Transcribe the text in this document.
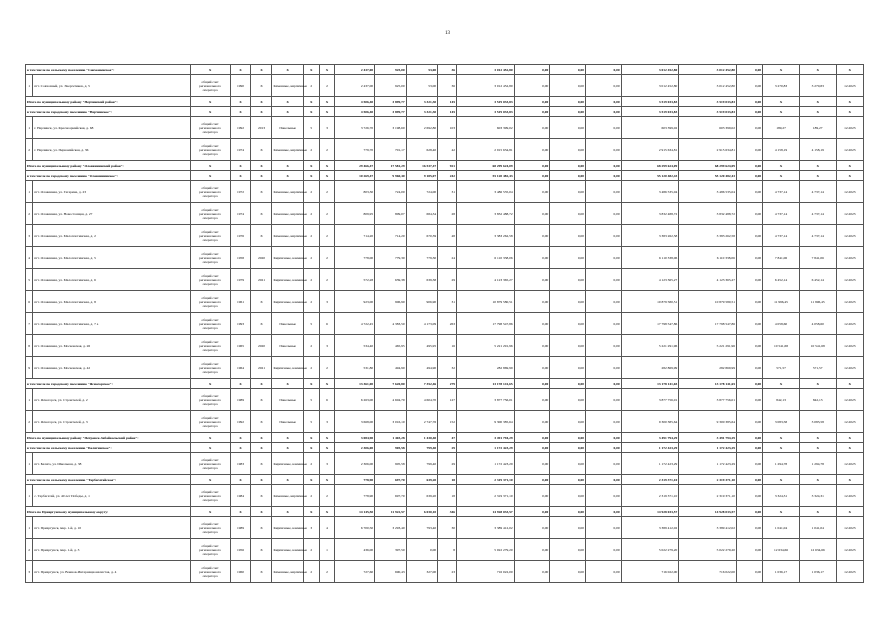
13
в том числе по сельскому поселению "Совхозненское":		X	X	X	X	X	X	2 437,00	925,00	53,00	36	3 012 452,80	0,00	0,00	0,00	3 012 452,80	3 012 452,80	0,00	X	X	X
1	пгт. Совхозный, ул. Энергетиков, д. 5	общий счет регионального оператора	1990	X	Каменные, кирпичные	2	2	2 437,00	925,00	53,00	36	3 012 452,80	0,00	0,00	0,00	3 012 452,80	3 012 452,80	0,00	3 270,83	3 270,83	12.2023
Итого по муниципальному району "Нерчинский район":		X	X	X	X	X	X	4 506,40	3 899,77	3 321,30	145	3 519 033,83	0,00	0,00	0,00	3 519 033,83	3 519 033,83	0,00	X	X	X
в том числе по городскому поселению "Нерчинское":		X	X	X	X	X	X	4 506,40	3 899,77	3 321,30	145	3 519 033,83	0,00	0,00	0,00	3 519 033,83	3 519 033,83	0,00	X	X	X
1	г. Нерчинск, ул. Красноармейская, д. 68	общий счет регионального оператора	1992	2013	Панельные	5	3	3 726,70	3 198,60	2 692,80	103	603 399,02	0,00	0,00	0,00	603 399,02	603 399,02	0,00	189,27	189,27	12.2023
2	г. Нерчинск, ул. Первомайская, д. 36	общий счет регионального оператора	1974	X	Каменные, кирпичные	2	2	779,70	701,17	628,40	42	2 915 634,81	0,00	0,00	0,00	2 915 634,81	2 915 634,81	0,00	4 158,19	4 158,19	12.2023
Итого по муниципальному району "Оловяннинский район":		X	X	X	X	X	X	29 466,47	17 581,29	16 537,47	921	68 299 624,09	0,00	0,00	0,00	68 299 624,09	68 299 624,09	0,00	X	X	X
в том числе по городскому поселению "Оловяннинское":		X	X	X	X	X	X	10 269,47	9 960,40	9 185,07	242	55 120 482,43	0,00	0,00	0,00	55 120 482,43	55 120 482,43	0,00	X	X	X
1	пгт. Оловянная, ул. Гагарина, д. 23	общий счет регионального оператора	1972	X	Каменные, кирпичные	2	2	803,30	724,00	724,00	31	3 486 535,04	0,00	0,00	0,00	3 486 535,04	3 486 535,04	0,00	4 737,14	4 737,14	12.2023
2	пгт. Оловянная, ул. Новостоящая, д. 27	общий счет регионального оператора	1974	X	Каменные, кирпичные	2	2	809,95	809,07	684,34	28	3 832 488,72	0,00	0,00	0,00	3 832 488,72	3 832 488,72	0,00	4 737,14	4 737,14	12.2023
3	пгт. Оловянная, ул. Малоплотинская, д. 2	общий счет регионального оператора	1976	X	Каменные, кирпичные	2	2	714,20	714,20	670,39	48	3 383 262,58	0,00	0,00	0,00	3 383 262,58	3 383 262,58	0,00	4 737,14	4 737,14	12.2023
4	пгт. Оловянная, ул. Малоплотинская, д. 5	общий счет регионального оператора	1958	2020	Кирпичные, каменные	2	2	778,00	779,30	779,30	24	6 110 338,06	0,00	0,00	0,00	6 110 338,06	6 110 338,06	0,00	7 841,06	7 841,06	12.2023
5	пгт. Оловянная, ул. Малоплотинская, д. 6	общий счет регионального оператора	1979	2021	Кирпичные, каменные	2	2	572,28	639,38	639,38	29	4 123 365,27	0,00	0,00	0,00	4 123 365,27	4 123 365,27	0,00	6 452,14	6 452,14	12.2023
6	пгт. Оловянная, ул. Малоплотинская, д. 8	общий счет регионального оператора	1961	X	Кирпичные, каменные	2	3	923,00	906,90	906,90	31	10 879 580,51	0,00	0,00	0,00	10 879 580,51	10 879 580,51	0,00	11 996,45	11 996,45	12.2023
7	пгт. Оловянная, ул. Малоплотинская, д. 7 а	общий счет регионального оператора	1993	X	Панельные	5	6	4 722,45	4 383,50	4 173,09	263	17 798 547,86	0,00	0,00	0,00	17 798 547,86	17 798 547,86	0,00	4 058,60	4 058,60	12.2023
8	пгт. Оловянная, ул. Московская, д. 26	общий счет регионального оператора	1965	2020	Панельные	2	3	534,40	465,95	495,95	16	5 221 291,96	0,00	0,00	0,00	5 221 291,96	5 221 291,96	0,00	10 541,68	10 541,68	12.2023
9	пгт. Оловянная, ул. Московская, д. 42	общий счет регионального оператора	1964	2021	Кирпичные, каменные	2	2	531,80	494,90	494,90	32	282 869,99	0,00	0,00	0,00	282 869,99	282 869,99	0,00	571,57	571,57	12.2023
в том числе по городскому поселению "Ясногорское":		X	X	X	X	X	X	13 361,00	7 620,80	7 352,46	279	13 178 141,65	0,00	0,00	0,00	13 178 141,65	13 178 141,65	0,00	X	X	X
1	пгт. Ясногорск, ул. Строителей, д. 2	общий счет регионального оператора	1989	X	Панельные	5	6	6 263,00	4 604,70	4 604,70	127	3 877 756,01	0,00	0,00	0,00	3 877 756,01	3 877 756,01	0,00	842,13	842,13	12.2023
2	пгт. Ясногорск, ул. Строителей, д. 3	общий счет регионального оператора	1992	X	Панельные	5	3	3 668,00	3 016,10	2 747,76	152	9 300 385,64	0,00	0,00	0,00	9 300 385,64	9 300 385,64	0,00	3 083,58	3 083,58	12.2023
Итого по муниципальному району "Петровск-Забайкальский район":		X	X	X	X	X	X	3 084,90	1 403,28	1 430,40	47	3 491 794,29	0,00	0,00	0,00	3 491 794,29	3 491 794,29	0,00	X	X	X
в том числе по сельскому поселению "Балягинское":		X	X	X	X	X	X	2 306,00	905,58	799,40	29	1 172 423,29	0,00	0,00	0,00	1 172 423,29	1 172 423,29	0,00	X	X	X
1	пгт. Балягa, ул. Школьная, д. 38	общий счет регионального оператора	1983	X	Кирпичные, каменные	2	3	2 306,00	905,58	799,40	29	1 172 423,29	0,00	0,00	0,00	1 172 423,29	1 172 423,29	0,00	1 294,78	1 294,78	12.2023
в том числе по сельскому поселению "Тарбагатайское":		X	X	X	X	X	X	778,90	697,70	639,20	18	2 319 371,10	0,00	0,00	0,00	2 319 371,10	2 319 371,10	0,00	X	X	X
1	с. Тарбагатай, ул. 40 лет Победы, д. 1	общий счет регионального оператора	1984	X	Каменные, кирпичные	2	2	778,90	697,70	639,20	18	2 319 371,10	0,00	0,00	0,00	2 319 371,10	2 319 371,10	0,00	3 324,31	3 324,31	12.2023
Итого по Приаргунскому муниципальному округу:		X	X	X	X	X	X	14 145,50	11 922,57	6 030,10	346	14 928 033,57	0,00	0,00	0,00	14 928 033,57	14 928 033,57	0,00	X	X	X
1	пгт. Приаргунск, мкр. 1-й, д. 10	общий счет регионального оператора	1989	X	Кирпичные, каменные	3	4	6 700,50	3 293,40	793,40	30	3 389 412,02	0,00	0,00	0,00	3 389 412,02	3 389 412,02	0,00	1 041,04	1 041,04	12.2023
2	пгт. Приаргунск, мкр. 1-й, д. 3	общий счет регионального оператора	1956	X	Кирпичные, каменные	2	1	436,00	397,50	0,00	8	5 022 279,20	0,00	0,00	0,00	5 022 279,20	5 022 279,20	0,00	12 634,66	12 634,66	12.2023
3	пгт. Приаргунск, ул. Воинов-Интернационалистов, д. 4	общий счет регионального оператора	1960	X	Каменные, кирпичные	2	2	727,60	690,43	327,00	23	716 022,00	0,00	0,00	0,00	716 022,00	716 022,00	0,00	1 036,17	1 036,17	12.2023
